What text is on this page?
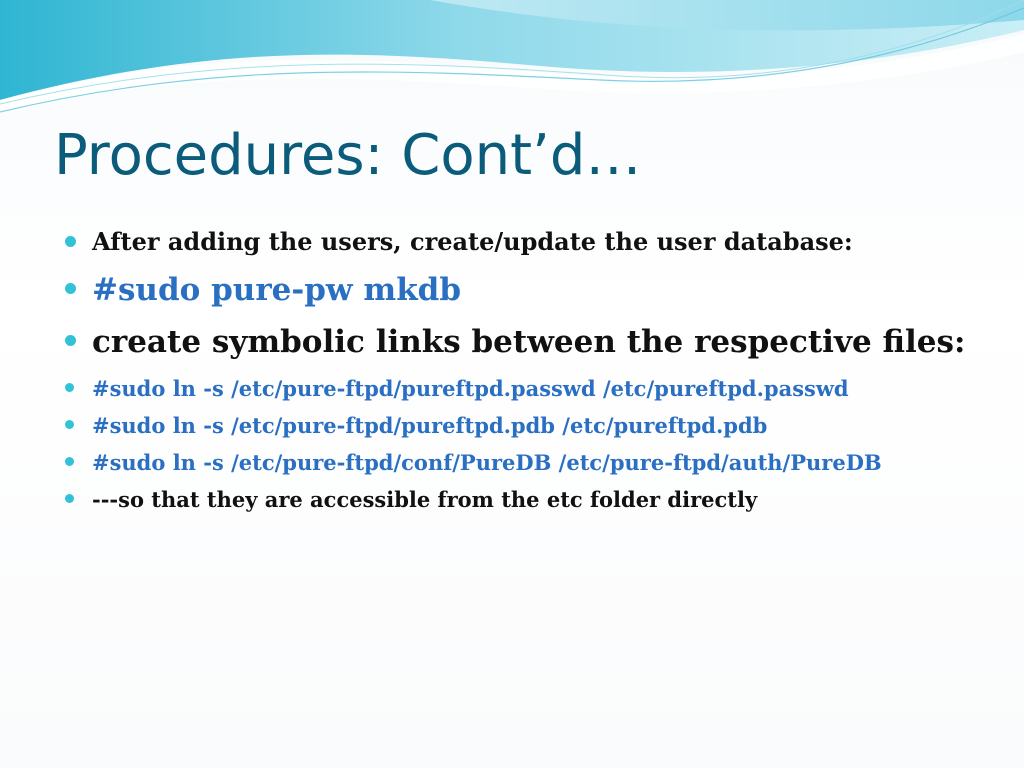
Procedures: Cont’d…
After adding the users, create/update the user database:
#sudo pure-pw mkdb
create symbolic links between the respective files:
#sudo ln -s /etc/pure-ftpd/pureftpd.passwd /etc/pureftpd.passwd
#sudo ln -s /etc/pure-ftpd/pureftpd.pdb /etc/pureftpd.pdb
#sudo ln -s /etc/pure-ftpd/conf/PureDB /etc/pure-ftpd/auth/PureDB
---so that they are accessible from the etc folder directly
